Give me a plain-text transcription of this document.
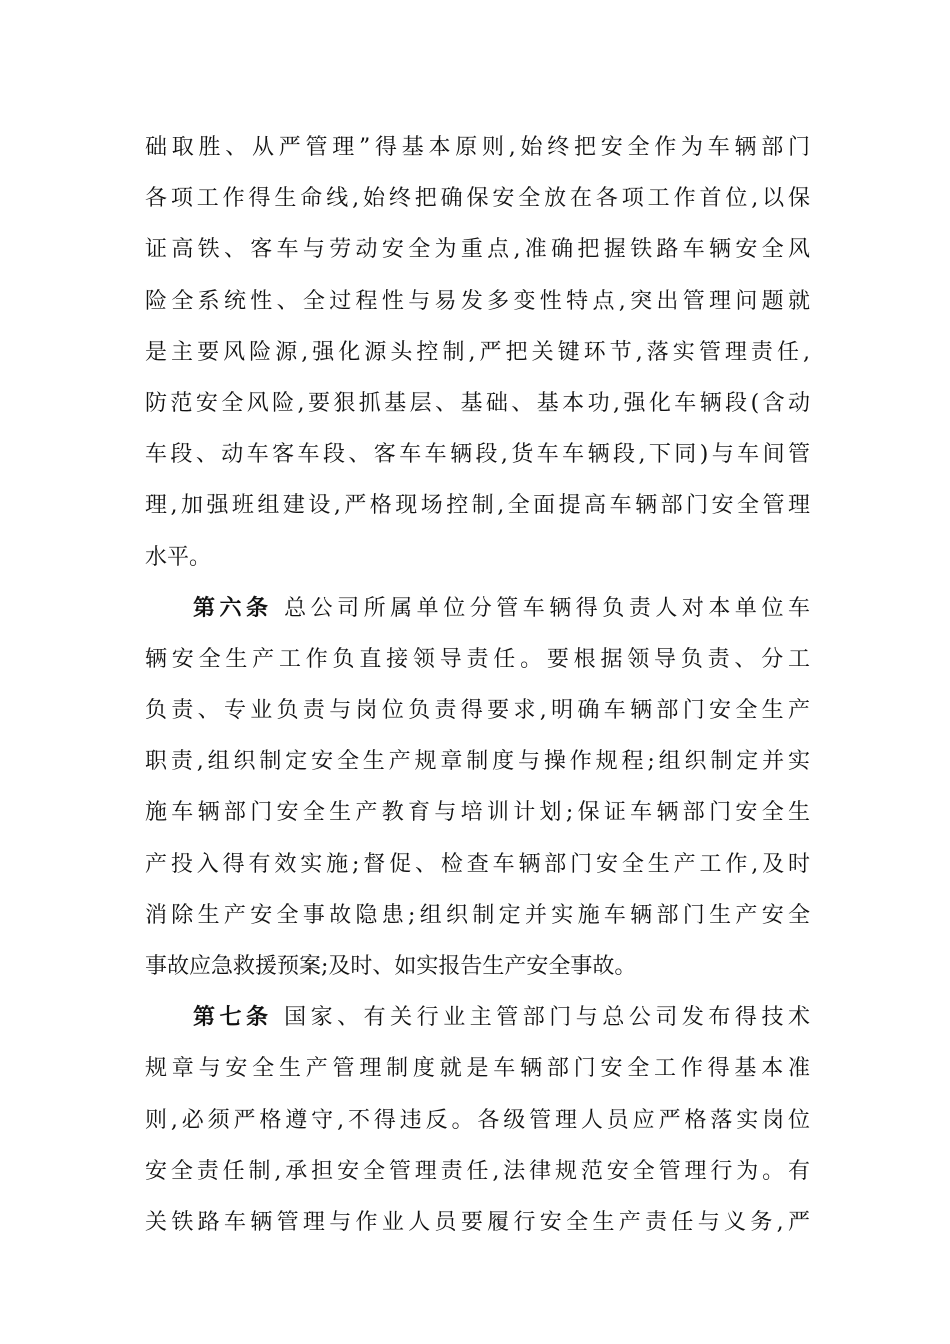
础取胜、从严管理”得基本原则,始终把安全作为车辆部门
各项工作得生命线,始终把确保安全放在各项工作首位,以保
证高铁、客车与劳动安全为重点,准确把握铁路车辆安全风
险全系统性、全过程性与易发多变性特点,突出管理问题就
是主要风险源,强化源头控制,严把关键环节,落实管理责任,
防范安全风险,要狠抓基层、基础、基本功,强化车辆段(含动
车段、动车客车段、客车车辆段,货车车辆段,下同)与车间管
理,加强班组建设,严格现场控制,全面提高车辆部门安全管理
水平。
第六条 总公司所属单位分管车辆得负责人对本单位车
辆安全生产工作负直接领导责任。要根据领导负责、分工
负责、专业负责与岗位负责得要求,明确车辆部门安全生产
职责,组织制定安全生产规章制度与操作规程;组织制定并实
施车辆部门安全生产教育与培训计划;保证车辆部门安全生
产投入得有效实施;督促、检查车辆部门安全生产工作,及时
消除生产安全事故隐患;组织制定并实施车辆部门生产安全
事故应急救援预案;及时、如实报告生产安全事故。
第七条 国家、有关行业主管部门与总公司发布得技术
规章与安全生产管理制度就是车辆部门安全工作得基本准
则,必须严格遵守,不得违反。各级管理人员应严格落实岗位
安全责任制,承担安全管理责任,法律规范安全管理行为。有
关铁路车辆管理与作业人员要履行安全生产责任与义务,严
